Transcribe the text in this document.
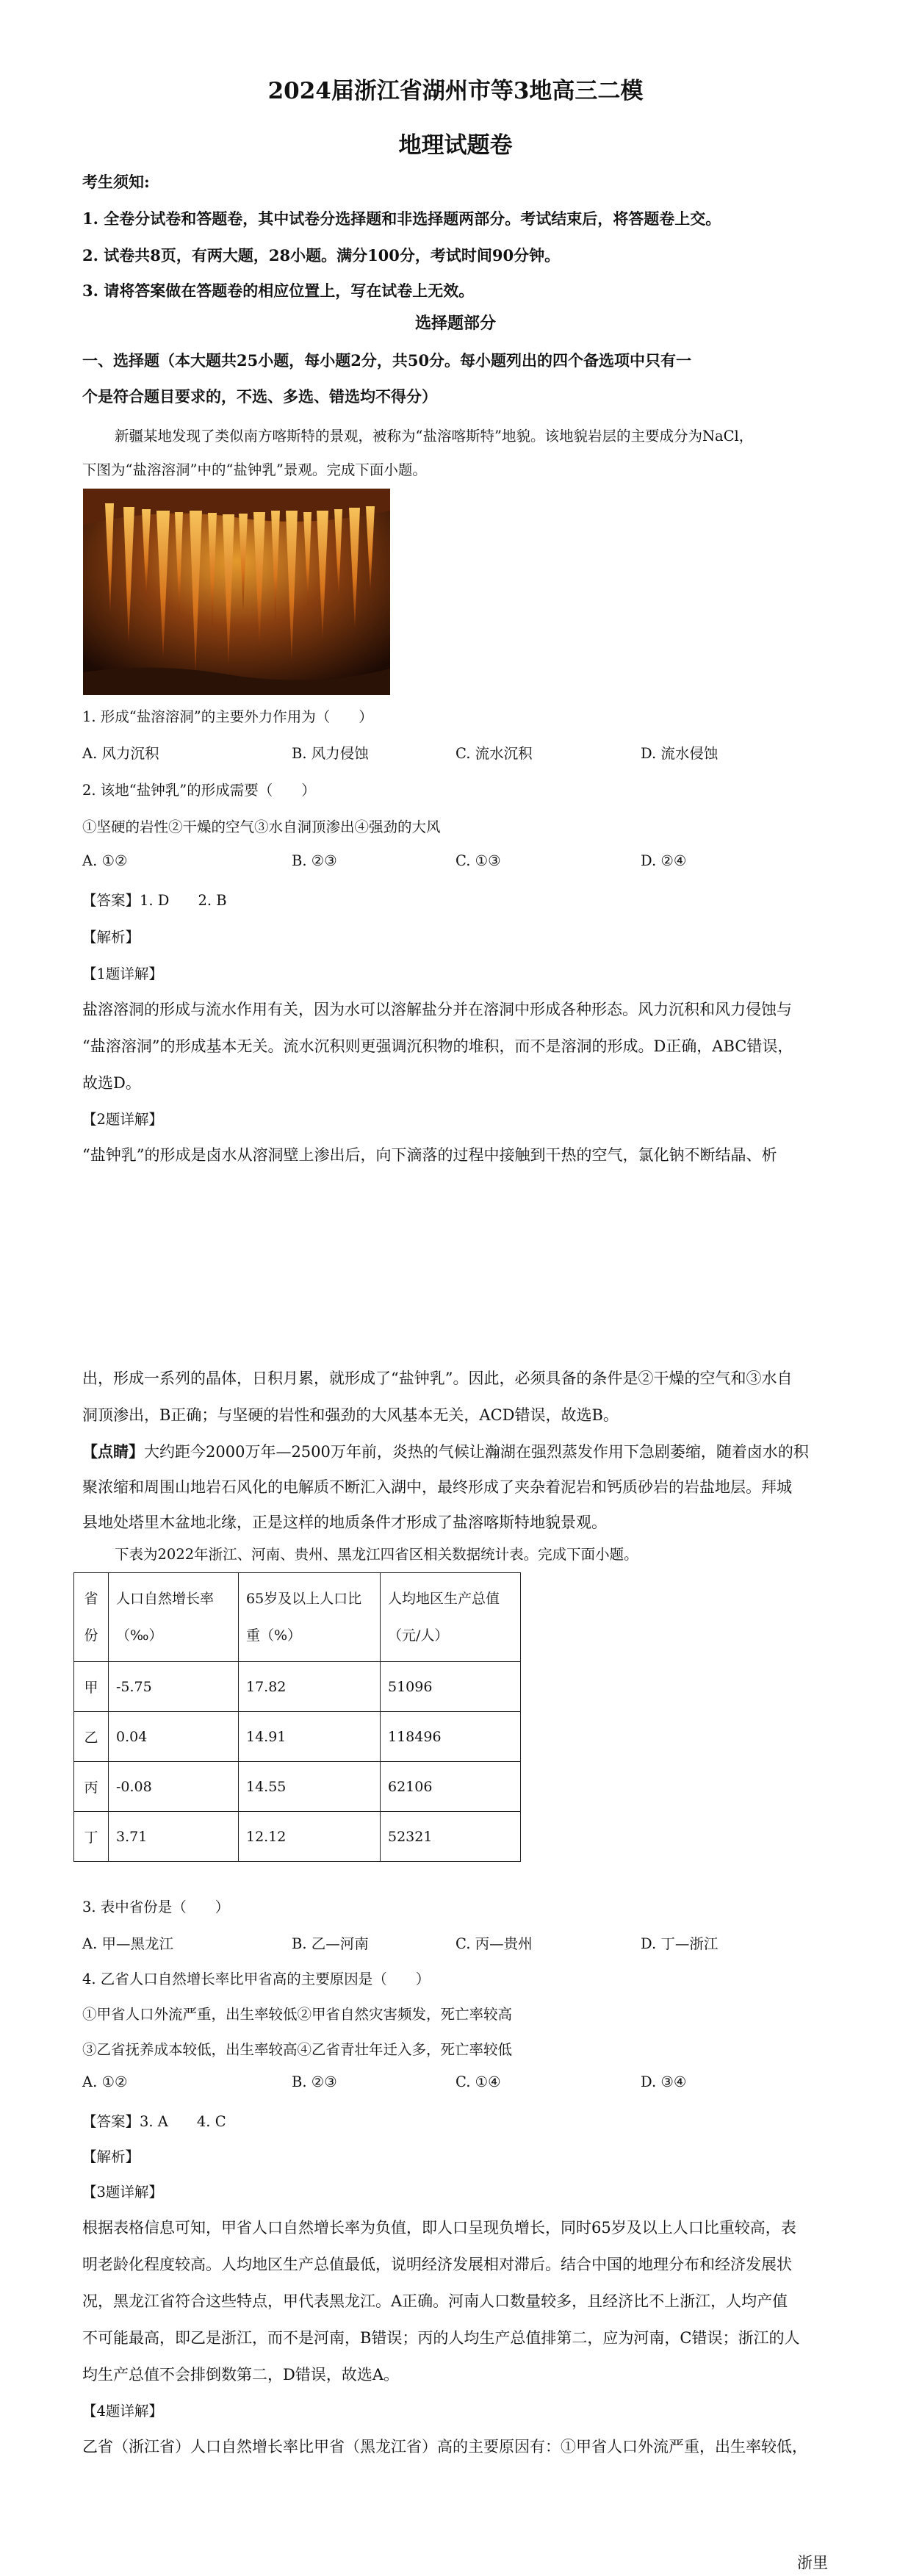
2024届浙江省湖州市等3地高三二模
地理试题卷
考生须知:
1. 全卷分试卷和答题卷，其中试卷分选择题和非选择题两部分。考试结束后，将答题卷上交。
2. 试卷共8页，有两大题，28小题。满分100分，考试时间90分钟。
3. 请将答案做在答题卷的相应位置上，写在试卷上无效。
选择题部分
一、选择题（本大题共25小题，每小题2分，共50分。每小题列出的四个备选项中只有一
个是符合题目要求的，不选、多选、错选均不得分）
新疆某地发现了类似南方喀斯特的景观，被称为“盐溶喀斯特”地貌。该地貌岩层的主要成分为NaCl，
下图为“盐溶溶洞”中的“盐钟乳”景观。完成下面小题。
1. 形成“盐溶溶洞”的主要外力作用为（　　）
A. 风力沉积	B. 风力侵蚀	C. 流水沉积	D. 流水侵蚀
2. 该地“盐钟乳”的形成需要（　　）
①坚硬的岩性②干燥的空气③水自洞顶渗出④强劲的大风
A. ①②	B. ②③	C. ①③	D. ②④
【答案】1. D　　2. B
【解析】
【1题详解】
盐溶溶洞的形成与流水作用有关，因为水可以溶解盐分并在溶洞中形成各种形态。风力沉积和风力侵蚀与
“盐溶溶洞”的形成基本无关。流水沉积则更强调沉积物的堆积，而不是溶洞的形成。D正确，ABC错误，
故选D。
【2题详解】
“盐钟乳”的形成是卤水从溶洞壁上渗出后，向下滴落的过程中接触到干热的空气，氯化钠不断结晶、析
出，形成一系列的晶体，日积月累，就形成了“盐钟乳”。因此，必须具备的条件是②干燥的空气和③水自
洞顶渗出，B正确；与坚硬的岩性和强劲的大风基本无关，ACD错误，故选B。
【点睛】大约距今2000万年—2500万年前，炎热的气候让瀚湖在强烈蒸发作用下急剧萎缩，随着卤水的积
聚浓缩和周围山地岩石风化的电解质不断汇入湖中，最终形成了夹杂着泥岩和钙质砂岩的岩盐地层。拜城
县地处塔里木盆地北缘，正是这样的地质条件才形成了盐溶喀斯特地貌景观。
下表为2022年浙江、河南、贵州、黑龙江四省区相关数据统计表。完成下面小题。
省份	人口自然增长率（‰）	65岁及以上人口比重（%）	人均地区生产总值（元/人）
甲	-5.75	17.82	51096
乙	0.04	14.91	118496
丙	-0.08	14.55	62106
丁	3.71	12.12	52321
3. 表中省份是（　　）
A. 甲—黑龙江	B. 乙—河南	C. 丙—贵州	D. 丁—浙江
4. 乙省人口自然增长率比甲省高的主要原因是（　　）
①甲省人口外流严重，出生率较低②甲省自然灾害频发，死亡率较高
③乙省抚养成本较低，出生率较高④乙省青壮年迁入多，死亡率较低
A. ①②	B. ②③	C. ①④	D. ③④
【答案】3. A　　4. C
【解析】
【3题详解】
根据表格信息可知，甲省人口自然增长率为负值，即人口呈现负增长，同时65岁及以上人口比重较高，表
明老龄化程度较高。人均地区生产总值最低，说明经济发展相对滞后。结合中国的地理分布和经济发展状
况，黑龙江省符合这些特点，甲代表黑龙江。A正确。河南人口数量较多，且经济比不上浙江，人均产值
不可能最高，即乙是浙江，而不是河南，B错误；丙的人均生产总值排第二，应为河南，C错误；浙江的人
均生产总值不会排倒数第二，D错误，故选A。
【4题详解】
乙省（浙江省）人口自然增长率比甲省（黑龙江省）高的主要原因有：①甲省人口外流严重，出生率较低，
浙里
